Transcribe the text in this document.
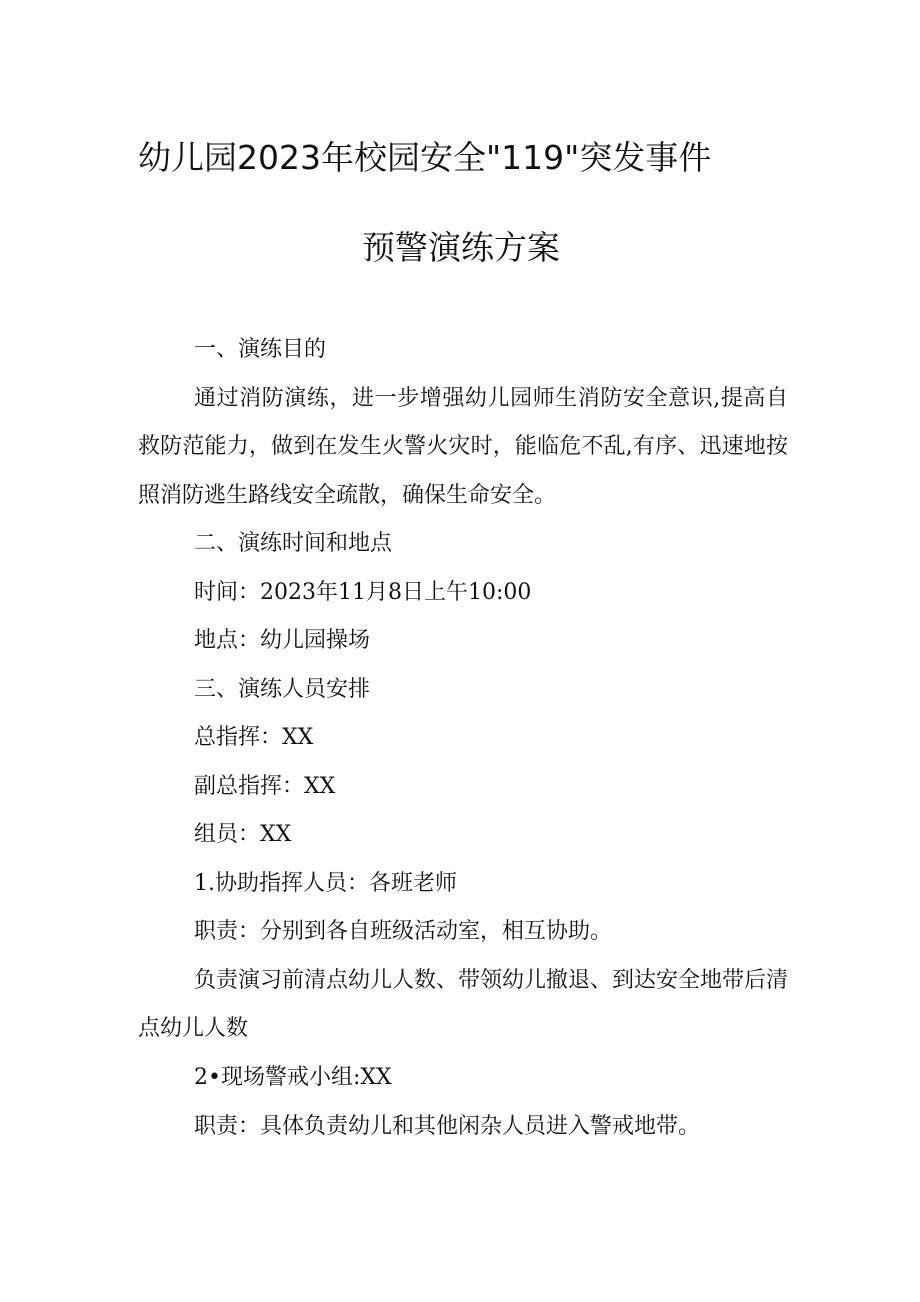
幼儿园2023年校园安全"119"突发事件
预警演练方案

一、演练目的

通过消防演练，进一步增强幼儿园师生消防安全意识,提高自救防范能力，做到在发生火警火灾时，能临危不乱,有序、迅速地按照消防逃生路线安全疏散，确保生命安全。

二、演练时间和地点

时间：2023年11月8日上午10:00

地点：幼儿园操场

三、演练人员安排

总指挥：XX

副总指挥：XX

组员：XX

1.协助指挥人员：各班老师

职责：分别到各自班级活动室，相互协助。

负责演习前清点幼儿人数、带领幼儿撤退、到达安全地带后清点幼儿人数

2•现场警戒小组:XX

职责：具体负责幼儿和其他闲杂人员进入警戒地带。
